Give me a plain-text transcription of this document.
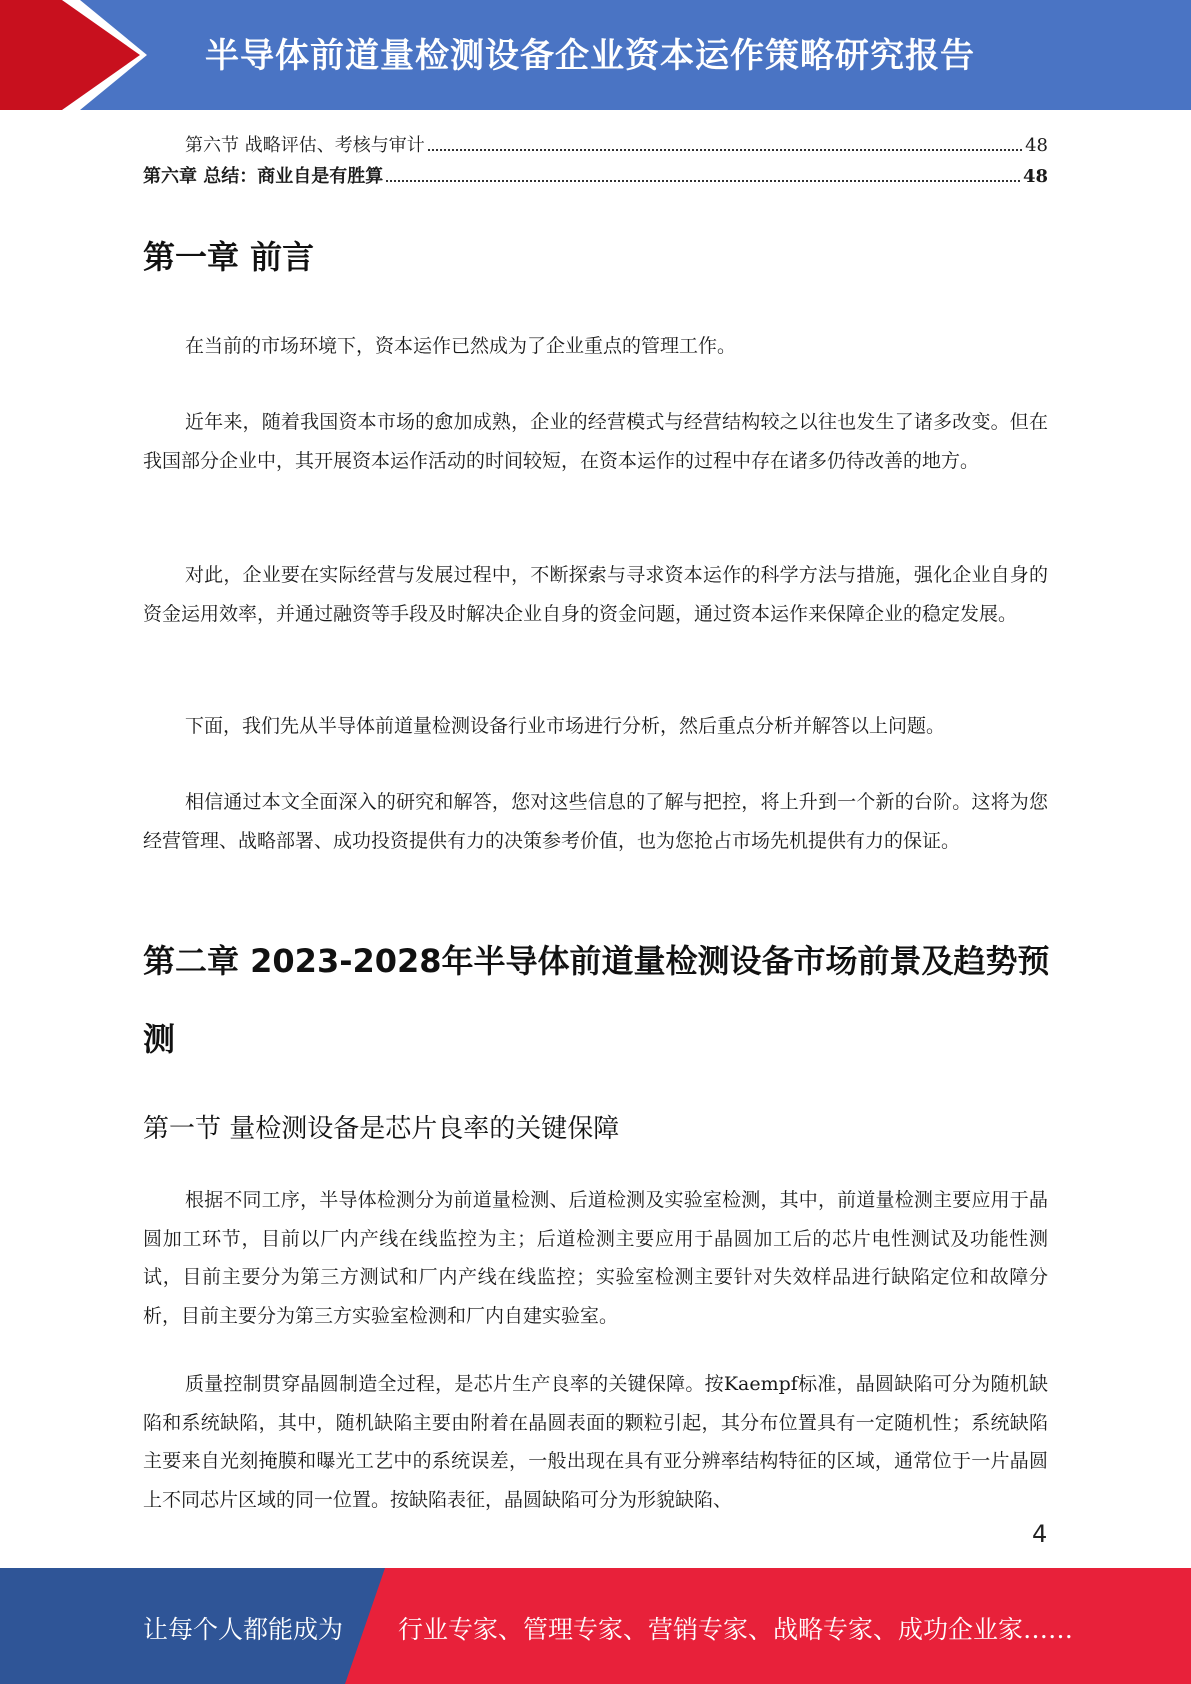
半导体前道量检测设备企业资本运作策略研究报告
第六节 战略评估、考核与审计	48
第六章 总结：商业自是有胜算	48
第一章 前言
在当前的市场环境下，资本运作已然成为了企业重点的管理工作。
近年来，随着我国资本市场的愈加成熟，企业的经营模式与经营结构较之以往也发生了诸多改变。但在我国部分企业中，其开展资本运作活动的时间较短，在资本运作的过程中存在诸多仍待改善的地方。
对此，企业要在实际经营与发展过程中，不断探索与寻求资本运作的科学方法与措施，强化企业自身的资金运用效率，并通过融资等手段及时解决企业自身的资金问题，通过资本运作来保障企业的稳定发展。
下面，我们先从半导体前道量检测设备行业市场进行分析，然后重点分析并解答以上问题。
相信通过本文全面深入的研究和解答，您对这些信息的了解与把控，将上升到一个新的台阶。这将为您经营管理、战略部署、成功投资提供有力的决策参考价值，也为您抢占市场先机提供有力的保证。
第二章 2023-2028年半导体前道量检测设备市场前景及趋势预测
第一节 量检测设备是芯片良率的关键保障
根据不同工序，半导体检测分为前道量检测、后道检测及实验室检测，其中，前道量检测主要应用于晶圆加工环节，目前以厂内产线在线监控为主；后道检测主要应用于晶圆加工后的芯片电性测试及功能性测试，目前主要分为第三方测试和厂内产线在线监控；实验室检测主要针对失效样品进行缺陷定位和故障分析，目前主要分为第三方实验室检测和厂内自建实验室。
质量控制贯穿晶圆制造全过程，是芯片生产良率的关键保障。按Kaempf标准，晶圆缺陷可分为随机缺陷和系统缺陷，其中，随机缺陷主要由附着在晶圆表面的颗粒引起，其分布位置具有一定随机性；系统缺陷主要来自光刻掩膜和曝光工艺中的系统误差，一般出现在具有亚分辨率结构特征的区域，通常位于一片晶圆上不同芯片区域的同一位置。按缺陷表征，晶圆缺陷可分为形貌缺陷、
4
让每个人都能成为 行业专家、管理专家、营销专家、战略专家、成功企业家……
